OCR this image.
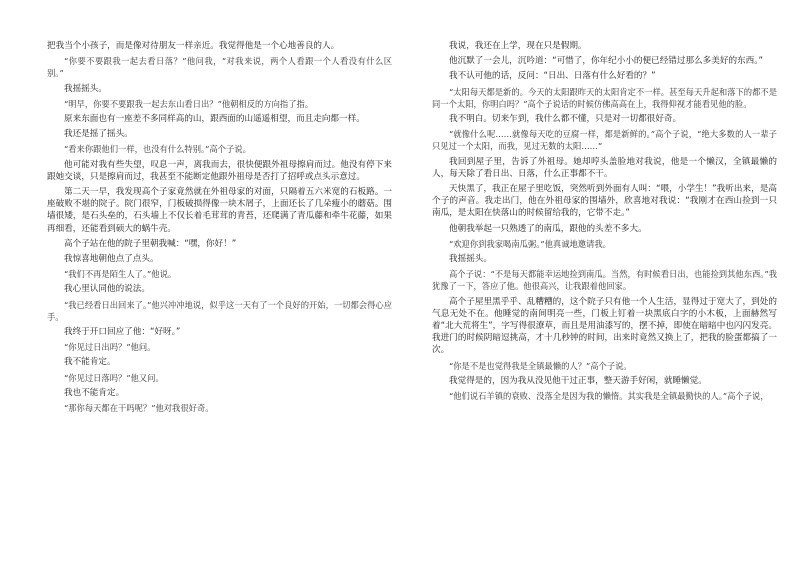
把我当个小孩子，而是像对待朋友一样亲近。我觉得他是一个心地善良的人。

“你要不要跟我一起去看日落？”他问我，“对我来说，两个人看跟一个人看没有什么区别。”

我摇摇头。

“明早，你要不要跟我一起去东山看日出？”他朝相反的方向指了指。

原来东面也有一座差不多同样高的山，跟西面的山遥遥相望，而且走向都一样。

我还是摇了摇头。

“看来你跟他们一样，也没有什么特别。”高个子说。

他可能对我有些失望，叹息一声，离我而去，很快便跟外祖母擦肩而过。他没有停下来跟她交谈，只是擦肩而过，我甚至不能断定他跟外祖母是否打了招呼或点头示意过。

第二天一早，我发现高个子家竟然就在外祖母家的对面，只隔着五六米宽的石板路。一座破败不堪的院子。院门很窄，门板破损得像一块木屑子，上面还长了几朵瘦小的蘑菇。围墙很矮，是石头垒的，石头墙上不仅长着毛茸茸的青苔，还爬满了青瓜藤和牵牛花藤，如果再细看，还能看到硕大的蜗牛壳。

高个子站在他的院子里朝我喊：“嘿，你好！”

我惊喜地朝他点了点头。

“我们不再是陌生人了。”他说。

我心里认同他的说法。

“我已经看日出回来了。”他兴冲冲地说，似乎这一天有了一个良好的开始，一切都会得心应手。

我终于开口回应了他：“好呀。”

“你见过日出吗？”他问。

我不能肯定。

“你见过日落吗？”他又问。

我也不能肯定。

“那你每天都在干吗呢？”他对我很好奇。

我说，我还在上学，现在只是假期。

他沉默了一会儿，沉吟道：“可惜了，你年纪小小的便已经错过那么多美好的东西。”

我不认可他的话，反问：“日出、日落有什么好看的？”

“太阳每天都是新的。今天的太阳跟昨天的太阳肯定不一样。甚至每天升起和落下的都不是同一个太阳，你明白吗？”高个子说话的时候仿佛高高在上，我得仰视才能看见他的脸。

我不明白。切来乍到，我什么都不懂，只是对一切都很好奇。

“就像什么呢……就像每天吃的豆腐一样，都是新鲜的。”高个子说，“绝大多数的人一辈子只见过一个太阳，而我，见过无数的太阳……”

我回到屋子里，告诉了外祖母。她却哼头盖脸地对我说，他是一个懒汉，全镇最懒的人，每天除了看日出、日落，什么正事都不干。

天快黑了，我正在屋子里吃饭，突然听到外面有人叫：“喂，小学生！”我听出来，是高个子的声音。我走出门，他在外祖母家的围墙外，欣喜地对我说：“我刚才在西山捡到一只南瓜，是太阳在快落山的时候留给我的，它带不走。”

他朝我举起一只熟透了的南瓜，跟他的头差不多大。

“欢迎你到我家喝南瓜粥。”他真诚地邀请我。

我摇摇头。

高个子说：“不是每天都能幸运地捡到南瓜。当然，有时候看日出，也能捡到其他东西。”我犹豫了一下，答应了他。他很高兴，让我跟着他回家。

高个子屋里黑乎乎、乱糟糟的，这个院子只有他一个人生活，显得过于宽大了，到处的气息无处不在。他睡觉的南间明亮一些，门板上钉着一块黑底白字的小木板，上面赫然写着“北大荒将生”，字写得很潦草，而且是用油漆写的，摆不掉，即使在暗暗中也闪闪发亮。我进门的时候阴暗逗挑高，才十几秒钟的时间，出来时竟然又换上了，把我的脸蛋都搞了一次。

“你是不是也觉得我是全镇最懒的人？”高个子说。

我觉得是的，因为我从没见他干过正事，整天游手好闲，就睡懒觉。

“他们说石羊镇的衰败、没落全是因为我的懒惰。其实我是全镇最勤快的人。”高个子说，
